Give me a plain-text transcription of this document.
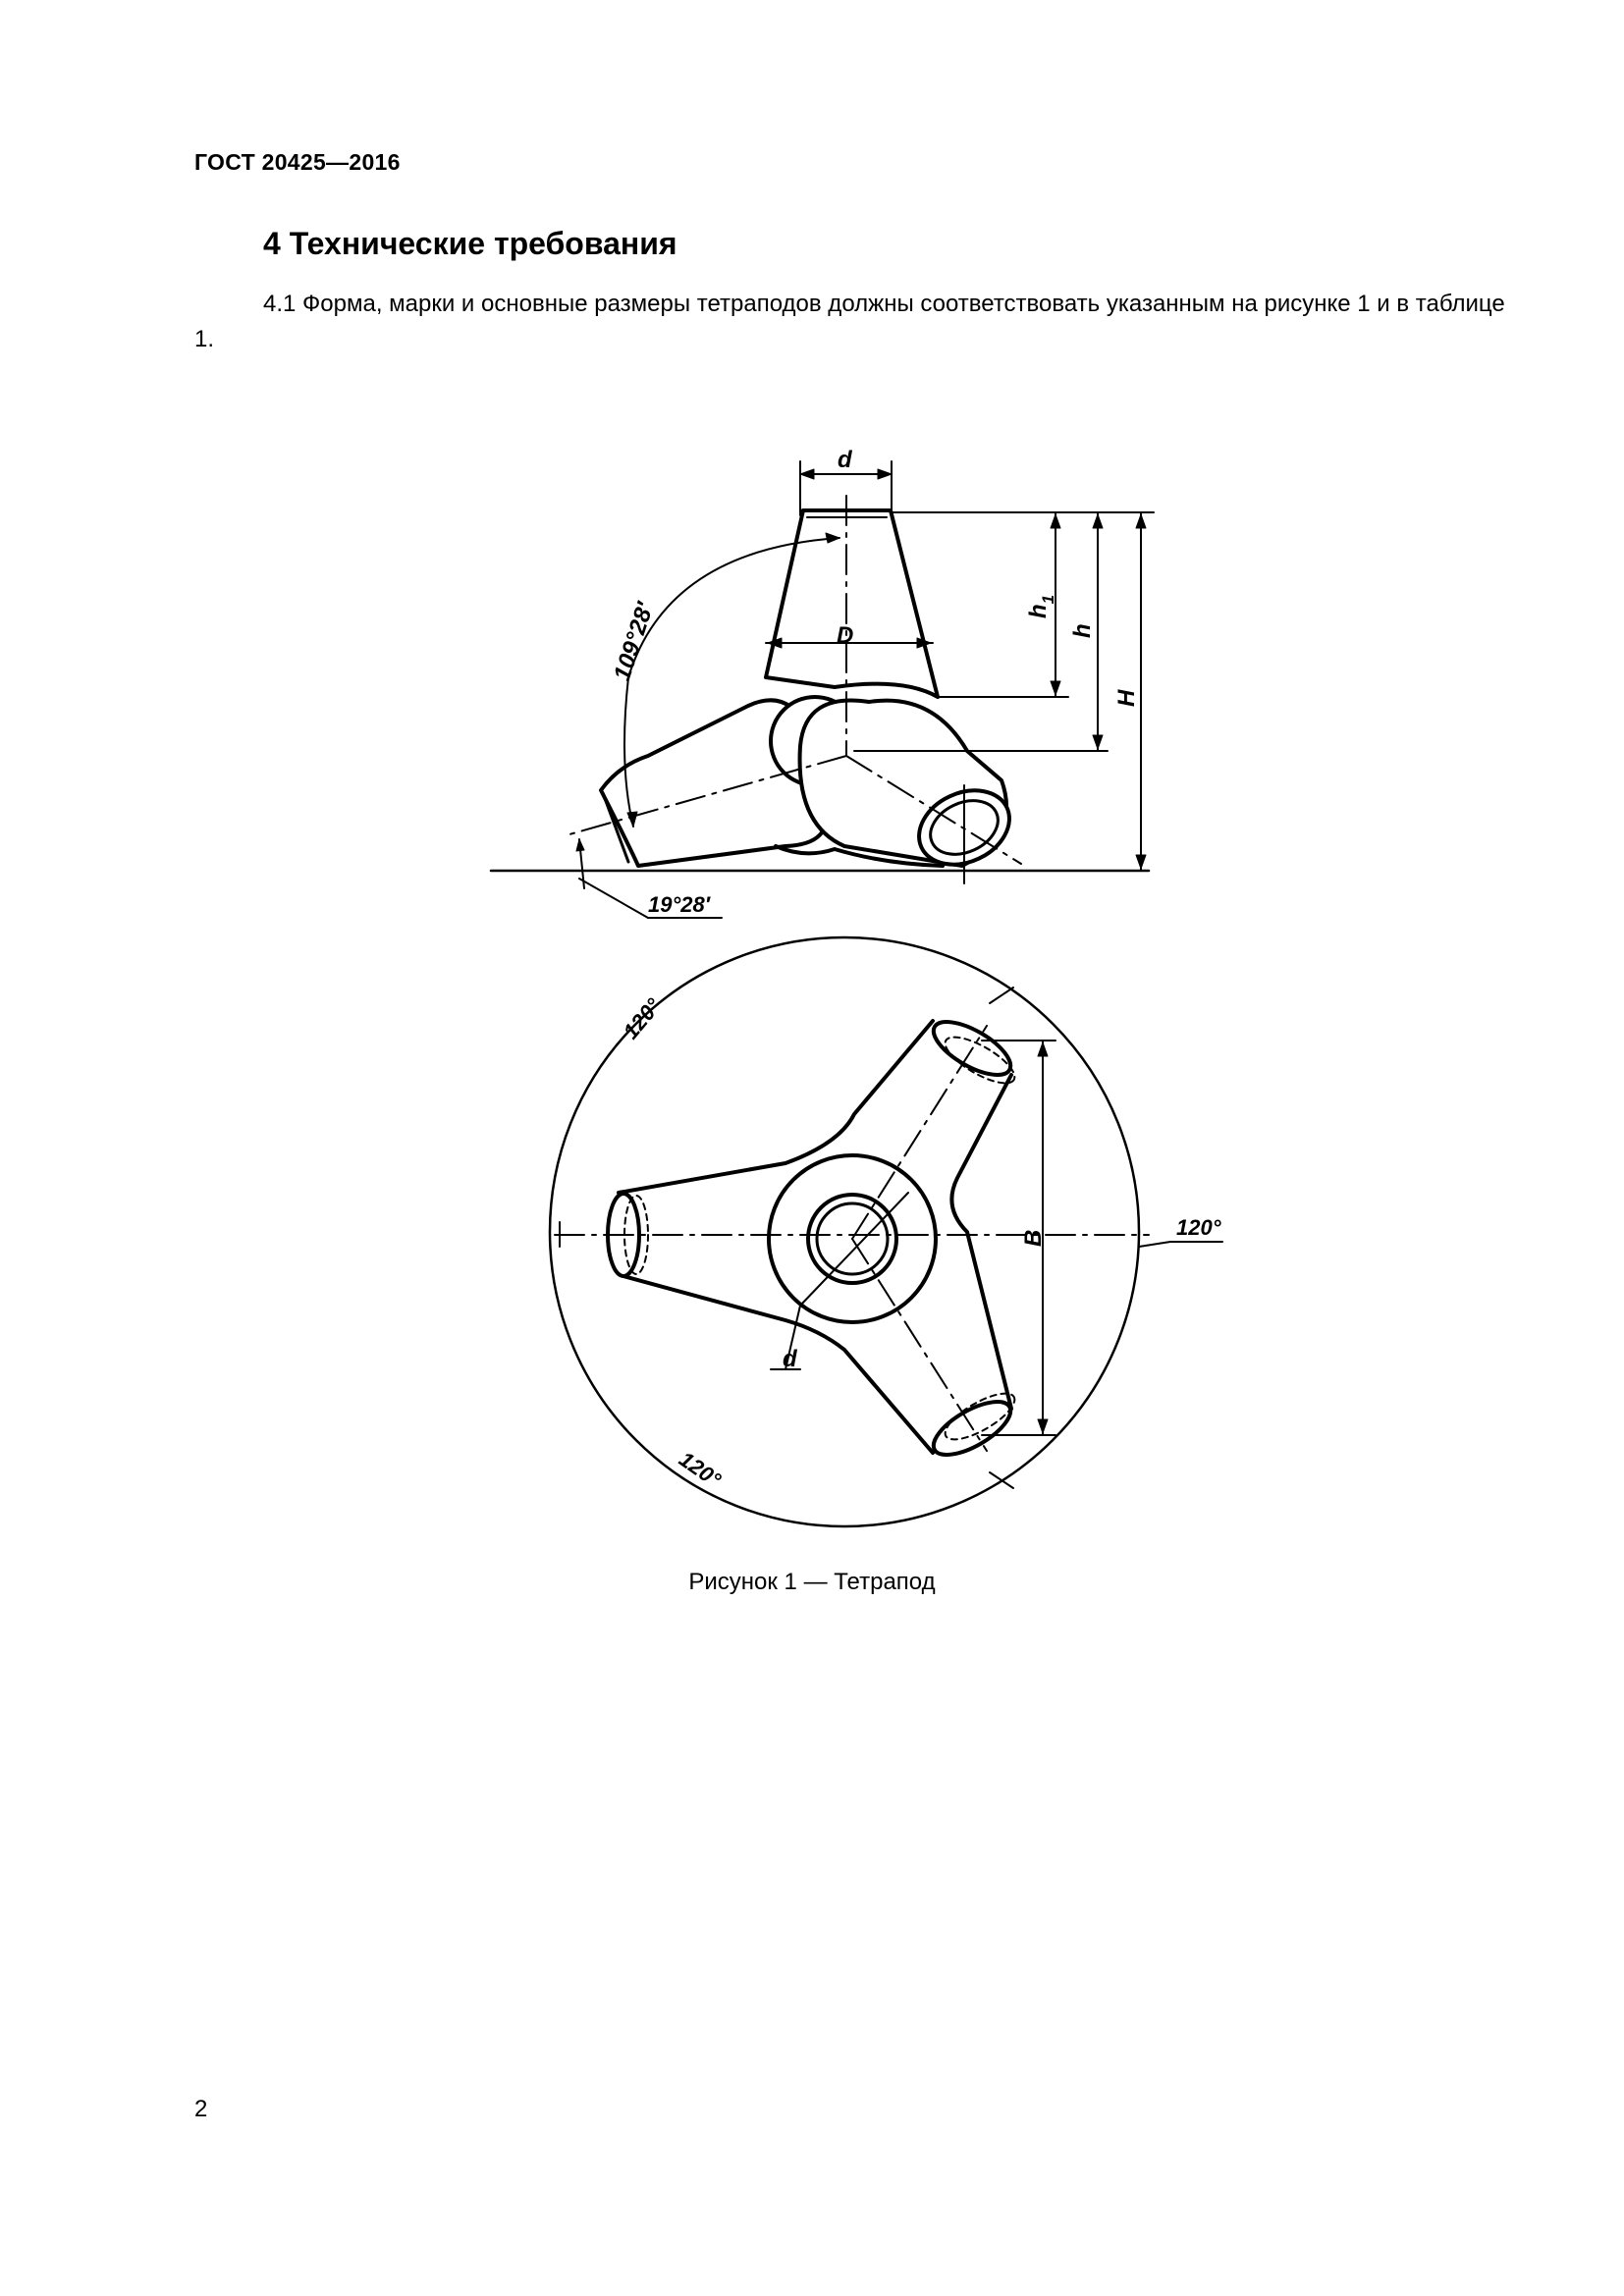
ГОСТ 20425—2016
4 Технические требования
4.1 Форма, марки и основные размеры тетраподов должны соответствовать указанным на рисунке 1 и в таблице 1.
d
D
$h_1$
h
H
109°28′
19°28′
120°
120°
120°
B
d
Рисунок 1 — Тетрапод
2
